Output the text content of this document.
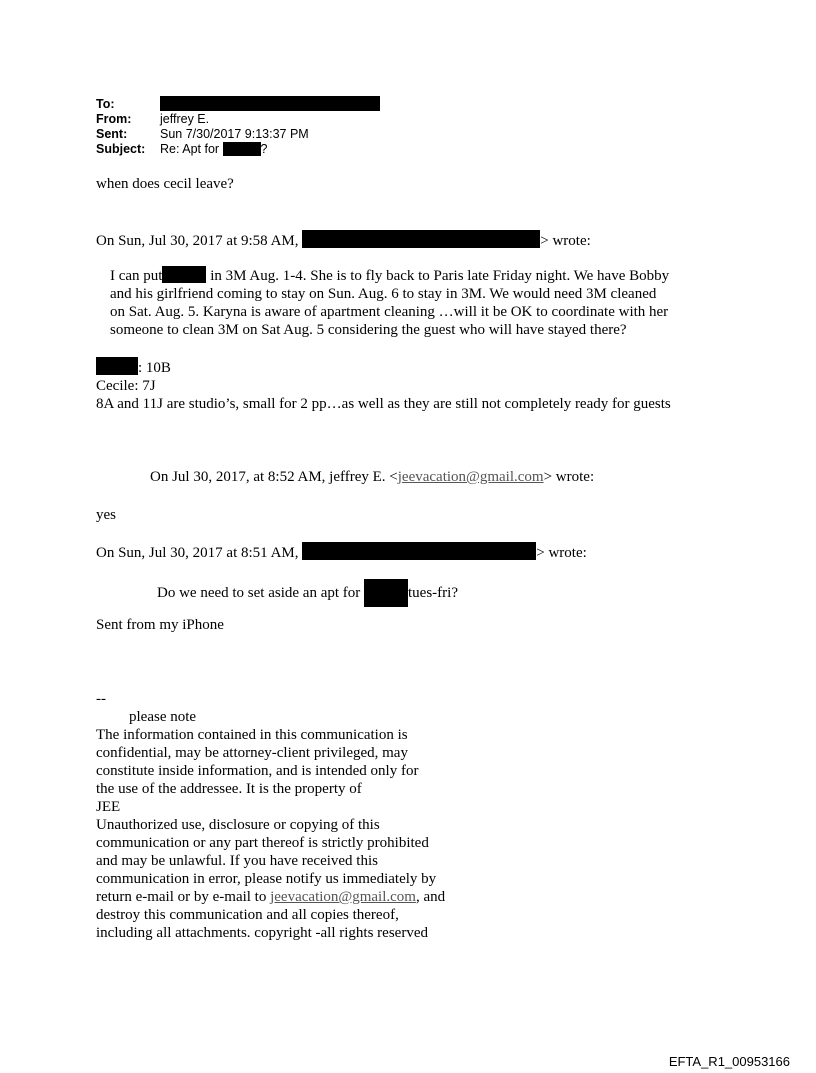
To:
From: jeffrey E.
Sent:	Sun 7/30/2017 9:13:37 PM
Subject: Re: Apt for	?
when does cecil leave?
On Sun, Jul 30, 2017 at 9:58 AM,	> wrote:
I can put	in 3M Aug. 1-4. She is to fly back to Paris late Friday night. We have Bobby
and his girlfriend coming to stay on Sun. Aug. 6 to stay in 3M. We would need 3M cleaned
on Sat. Aug. 5. Karyna is aware of apartment cleaning …will it be OK to coordinate with her
someone to clean 3M on Sat Aug. 5 considering the guest who will have stayed there?
: 10B
Cecile: 7J
8A and 11J are studio’s, small for 2 pp…as well as they are still not completely ready for guests
On Jul 30, 2017, at 8:52 AM, jeffrey E. <jeevacation@gmail.com> wrote:
yes
On Sun, Jul 30, 2017 at 8:51 AM,	> wrote:
Do we need to set aside an apt for	tues-fri?
Sent from my iPhone
--
please note
The information contained in this communication is
confidential, may be attorney-client privileged, may
constitute inside information, and is intended only for
the use of the addressee. It is the property of
JEE
Unauthorized use, disclosure or copying of this
communication or any part thereof is strictly prohibited
and may be unlawful. If you have received this
communication in error, please notify us immediately by
return e-mail or by e-mail to jeevacation@gmail.com, and
destroy this communication and all copies thereof,
including all attachments. copyright -all rights reserved
EFTA_R1_00953166
